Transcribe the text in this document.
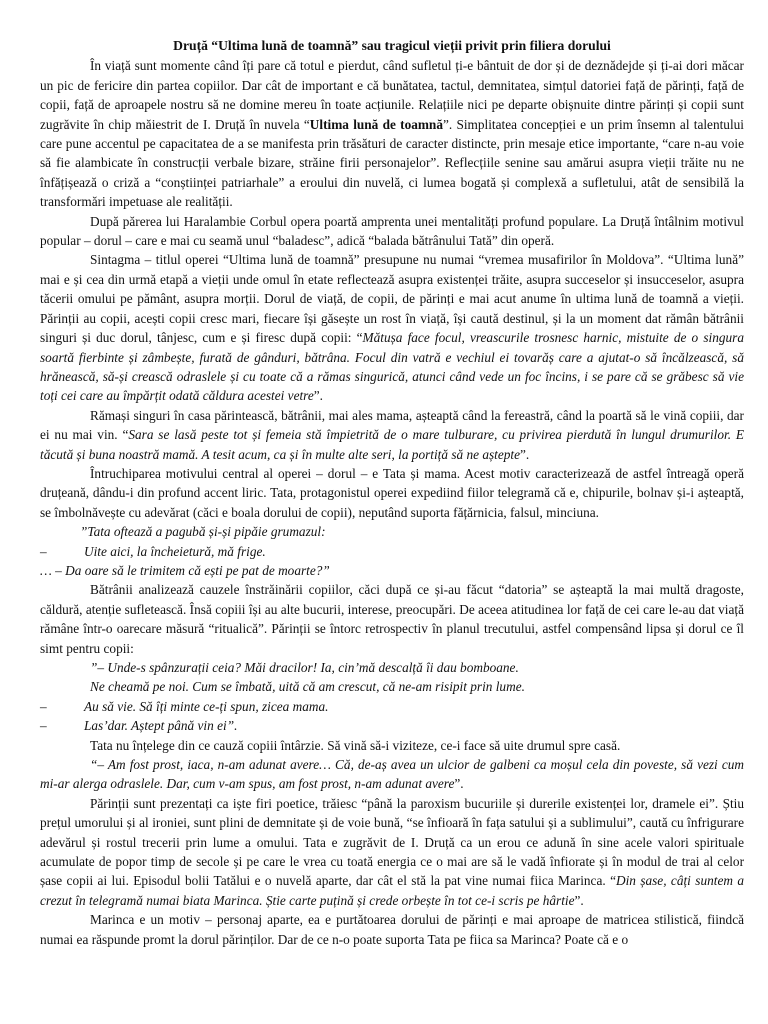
Druță “Ultima lună de toamnă” sau tragicul vieții privit prin filiera dorului

În viață sunt momente când îți pare că totul e pierdut, când sufletul ți-e bântuit de dor și de deznădejde și ți-ai dori măcar un pic de fericire din partea copiilor. Dar cât de important e că bunătatea, tactul, demnitatea, simțul datoriei față de părinți, față de copii, față de aproapele nostru să ne domine mereu în toate acțiunile. Relațiile nici pe departe obișnuite dintre părinți și copii sunt zugrăvite în chip măiestrit de I. Druță în nuvela “Ultima lună de toamnă”. Simplitatea concepției e un prim însemn al talentului care pune accentul pe capacitatea de a se manifesta prin trăsături de caracter distincte, prin mesaje etice importante, “care n-au voie să fie alambicate în construcții verbale bizare, străine firii personajelor”. Reflecțiile senine sau amărui asupra vieții trăite nu ne înfățișează o criză a “conștiinței patriarhale” a eroului din nuvelă, ci lumea bogată și complexă a sufletului, atât de sensibilă la transformări impetuase ale realității.

După părerea lui Haralambie Corbul opera poartă amprenta unei mentalități profund populare. La Druță întâlnim motivul popular – dorul – care e mai cu seamă unul “baladesc”, adică “balada bătrânului Tată” din operă.

Sintagma – titlul operei “Ultima lună de toamnă” presupune nu numai “vremea musafirilor în Moldova”. “Ultima lună” mai e și cea din urmă etapă a vieții unde omul în etate reflectează asupra existenței trăite, asupra succeselor și insucceselor, asupra tăcerii omului pe pământ, asupra morții. Dorul de viață, de copii, de părinți e mai acut anume în ultima lună de toamnă a vieții. Părinții au copii, acești copii cresc mari, fiecare își găsește un rost în viață, își caută destinul, și la un moment dat rămân bătrânii singuri și duc dorul, tânjesc, cum e și firesc după copii: “Mătușa face focul, vreascurile trosnesc harnic, mistuite de o singura soartă fierbinte și zâmbește, furată de gânduri, bătrâna. Focul din vatră e vechiul ei tovarăș care a ajutat-o să încălzească, să hrănească, să-și crească odraslele și cu toate că a rămas singurică, atunci când vede un foc încins, i se pare că se grăbesc să vie toți cei care au împărțit odată căldura acestei vetre”.

Rămași singuri în casa părintească, bătrânii, mai ales mama, așteaptă când la fereastră, când la poartă să le vină copiii, dar ei nu mai vin. “Sara se lasă peste tot și femeia stă împietrită de o mare tulburare, cu privirea pierdută în lungul drumurilor. E tăcută și buna noastră mamă. A tesit acum, ca și în multe alte seri, la portiță să ne aștepte”.

Întruchiparea motivului central al operei – dorul – e Tata și mama. Acest motiv caracterizează de astfel întreagă operă druțeană, dându-i din profund accent liric. Tata, protagonistul operei expediind fiilor telegramă că e, chipurile, bolnav și-i așteaptă, se îmbolnăvește cu adevărat (căci e boala dorului de copii), neputând suporta fățărnicia, falsul, minciuna.

”Tata oftează a pagubă și-și pipăie grumazul:

–	Uite aici, la încheietură, mă frige.

… – Da oare să le trimitem că ești pe pat de moarte?”

Bătrânii analizează cauzele înstrăinării copiilor, căci după ce și-au făcut “datoria” se așteaptă la mai multă dragoste, căldură, atenție sufletească. Însă copiii își au alte bucurii, interese, preocupări. De aceea atitudinea lor față de cei care le-au dat viață rămâne într-o oarecare măsură “ritualică”. Părinții se întorc retrospectiv în planul trecutului, astfel compensând lipsa și dorul ce îl simt pentru copii:

”– Unde-s spânzurații ceia? Măi dracilor! Ia, cin’mă descalță îi dau bomboane.

Ne cheamă pe noi. Cum se îmbată, uită că am crescut, că ne-am risipit prin lume.

–	Au să vie. Să îți minte ce-ți spun, zicea mama.

–	Las’dar. Aștept până vin ei”.

Tata nu înțelege din ce cauză copiii întârzie. Să vină să-i viziteze, ce-i face să uite drumul spre casă.

“– Am fost prost, iaca, n-am adunat avere… Că, de-aș avea un ulcior de galbeni ca moșul cela din poveste, să vezi cum mi-ar alerga odraslele. Dar, cum v-am spus, am fost prost, n-am adunat avere”.

Părinții sunt prezentați ca iște firi poetice, trăiesc “până la paroxism bucuriile și durerile existenței lor, dramele ei”. Știu prețul umorului și al ironiei, sunt plini de demnitate și de voie bună, “se înfioară în fața satului și a sublimului”, caută cu înfrigurare adevărul și rostul trecerii prin lume a omului. Tata e zugrăvit de I. Druță ca un erou ce adună în sine acele valori spirituale acumulate de popor timp de secole și pe care le vrea cu toată energia ce o mai are să le vadă înfiorate și în modul de trai al celor șase copii ai lui. Episodul bolii Tatălui e o nuvelă aparte, dar cât el stă la pat vine numai fiica Marinca. “Din șase, câți suntem a crezut în telegramă numai biata Marinca. Știe carte puțină și crede orbește în tot ce-i scris pe hârtie”.

Marinca e un motiv – personaj aparte, ea e purtătoarea dorului de părinți e mai aproape de matricea stilistică, fiindcă numai ea răspunde promt la dorul părinților. Dar de ce n-o poate suporta Tata pe fiica sa Marinca? Poate că e o
